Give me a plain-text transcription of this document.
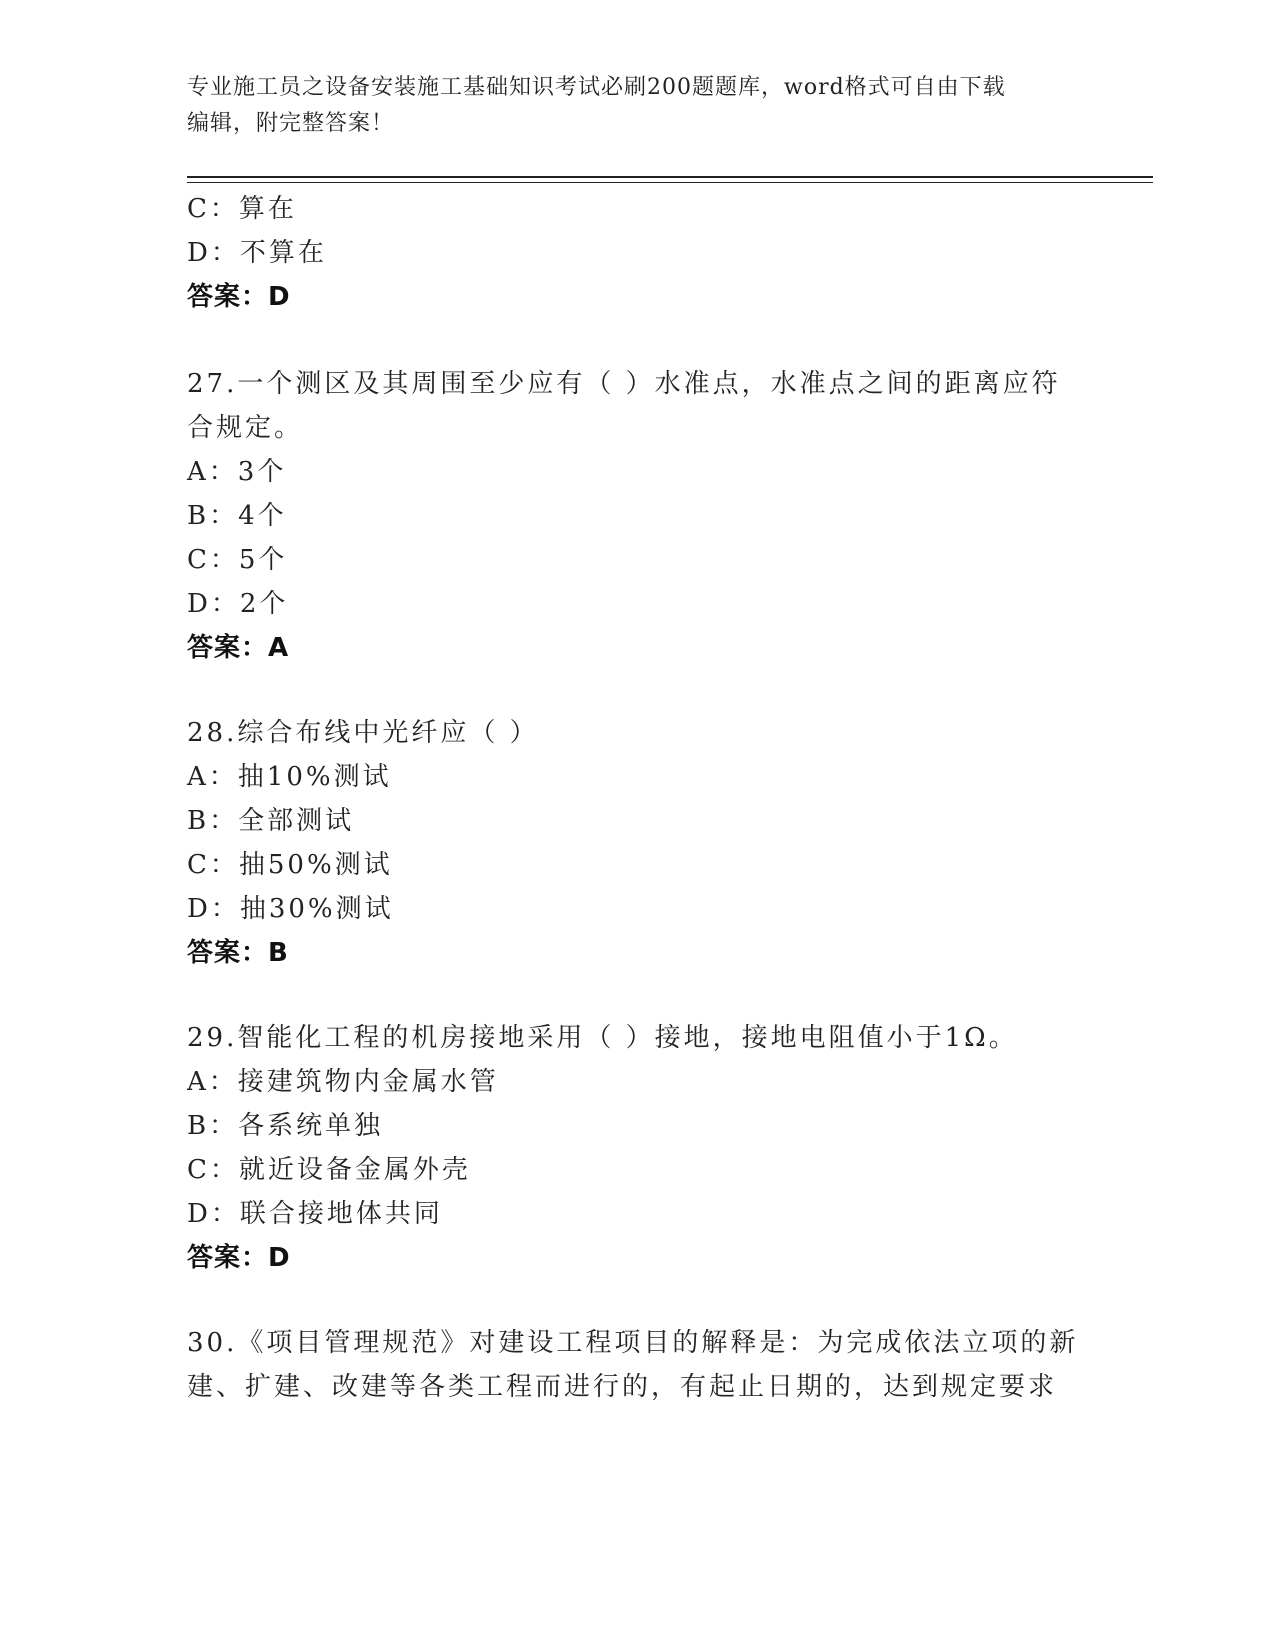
专业施工员之设备安装施工基础知识考试必刷200题题库，word格式可自由下载
编辑，附完整答案！
C：算在
D：不算在
答案：D
27.一个测区及其周围至少应有（ ）水准点，水准点之间的距离应符
合规定。
A：3个
B：4个
C：5个
D：2个
答案：A
28.综合布线中光纤应（ ）
A：抽10%测试
B：全部测试
C：抽50%测试
D：抽30%测试
答案：B
29.智能化工程的机房接地采用（ ）接地，接地电阻值小于1Ω。
A：接建筑物内金属水管
B：各系统单独
C：就近设备金属外壳
D：联合接地体共同
答案：D
30.《项目管理规范》对建设工程项目的解释是：为完成依法立项的新
建、扩建、改建等各类工程而进行的，有起止日期的，达到规定要求
